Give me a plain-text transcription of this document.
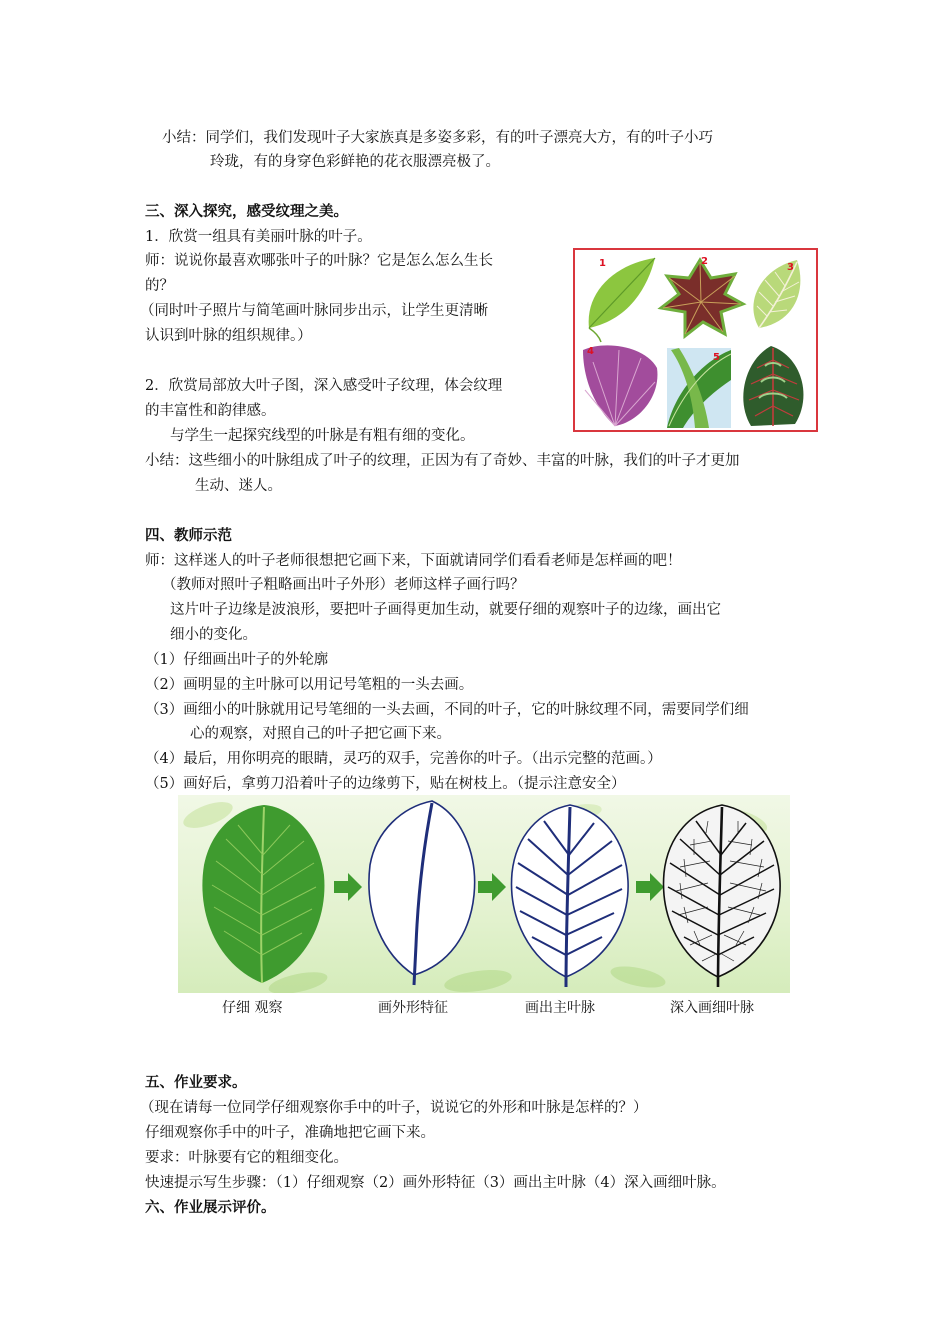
小结：同学们，我们发现叶子大家族真是多姿多彩，有的叶子漂亮大方，有的叶子小巧
玲珑，有的身穿色彩鲜艳的花衣服漂亮极了。
三、深入探究，感受纹理之美。
1．欣赏一组具有美丽叶脉的叶子。
师：说说你最喜欢哪张叶子的叶脉？它是怎么怎么生长
的？
（同时叶子照片与简笔画叶脉同步出示，让学生更清晰
认识到叶脉的组织规律。）
2．欣赏局部放大叶子图，深入感受叶子纹理，体会纹理
的丰富性和韵律感。
与学生一起探究线型的叶脉是有粗有细的变化。
小结：这些细小的叶脉组成了叶子的纹理，正因为有了奇妙、丰富的叶脉，我们的叶子才更加
生动、迷人。
1	2
3
4
5
四、教师示范
师：这样迷人的叶子老师很想把它画下来，下面就请同学们看看老师是怎样画的吧！
（教师对照叶子粗略画出叶子外形）老师这样子画行吗？
这片叶子边缘是波浪形，要把叶子画得更加生动，就要仔细的观察叶子的边缘，画出它
细小的变化。
（1）仔细画出叶子的外轮廓
（2）画明显的主叶脉可以用记号笔粗的一头去画。
（3）画细小的叶脉就用记号笔细的一头去画，不同的叶子，它的叶脉纹理不同，需要同学们细
心的观察，对照自己的叶子把它画下来。
（4）最后，用你明亮的眼睛，灵巧的双手，完善你的叶子。（出示完整的范画。）
（5）画好后，拿剪刀沿着叶子的边缘剪下，贴在树枝上。（提示注意安全）
仔细 观察	画外形特征	画出主叶脉	深入画细叶脉
五、作业要求。
（现在请每一位同学仔细观察你手中的叶子，说说它的外形和叶脉是怎样的？）
仔细观察你手中的叶子，准确地把它画下来。
要求：叶脉要有它的粗细变化。
快速提示写生步骤：（1）仔细观察（2）画外形特征（3）画出主叶脉（4）深入画细叶脉。
六、作业展示评价。
